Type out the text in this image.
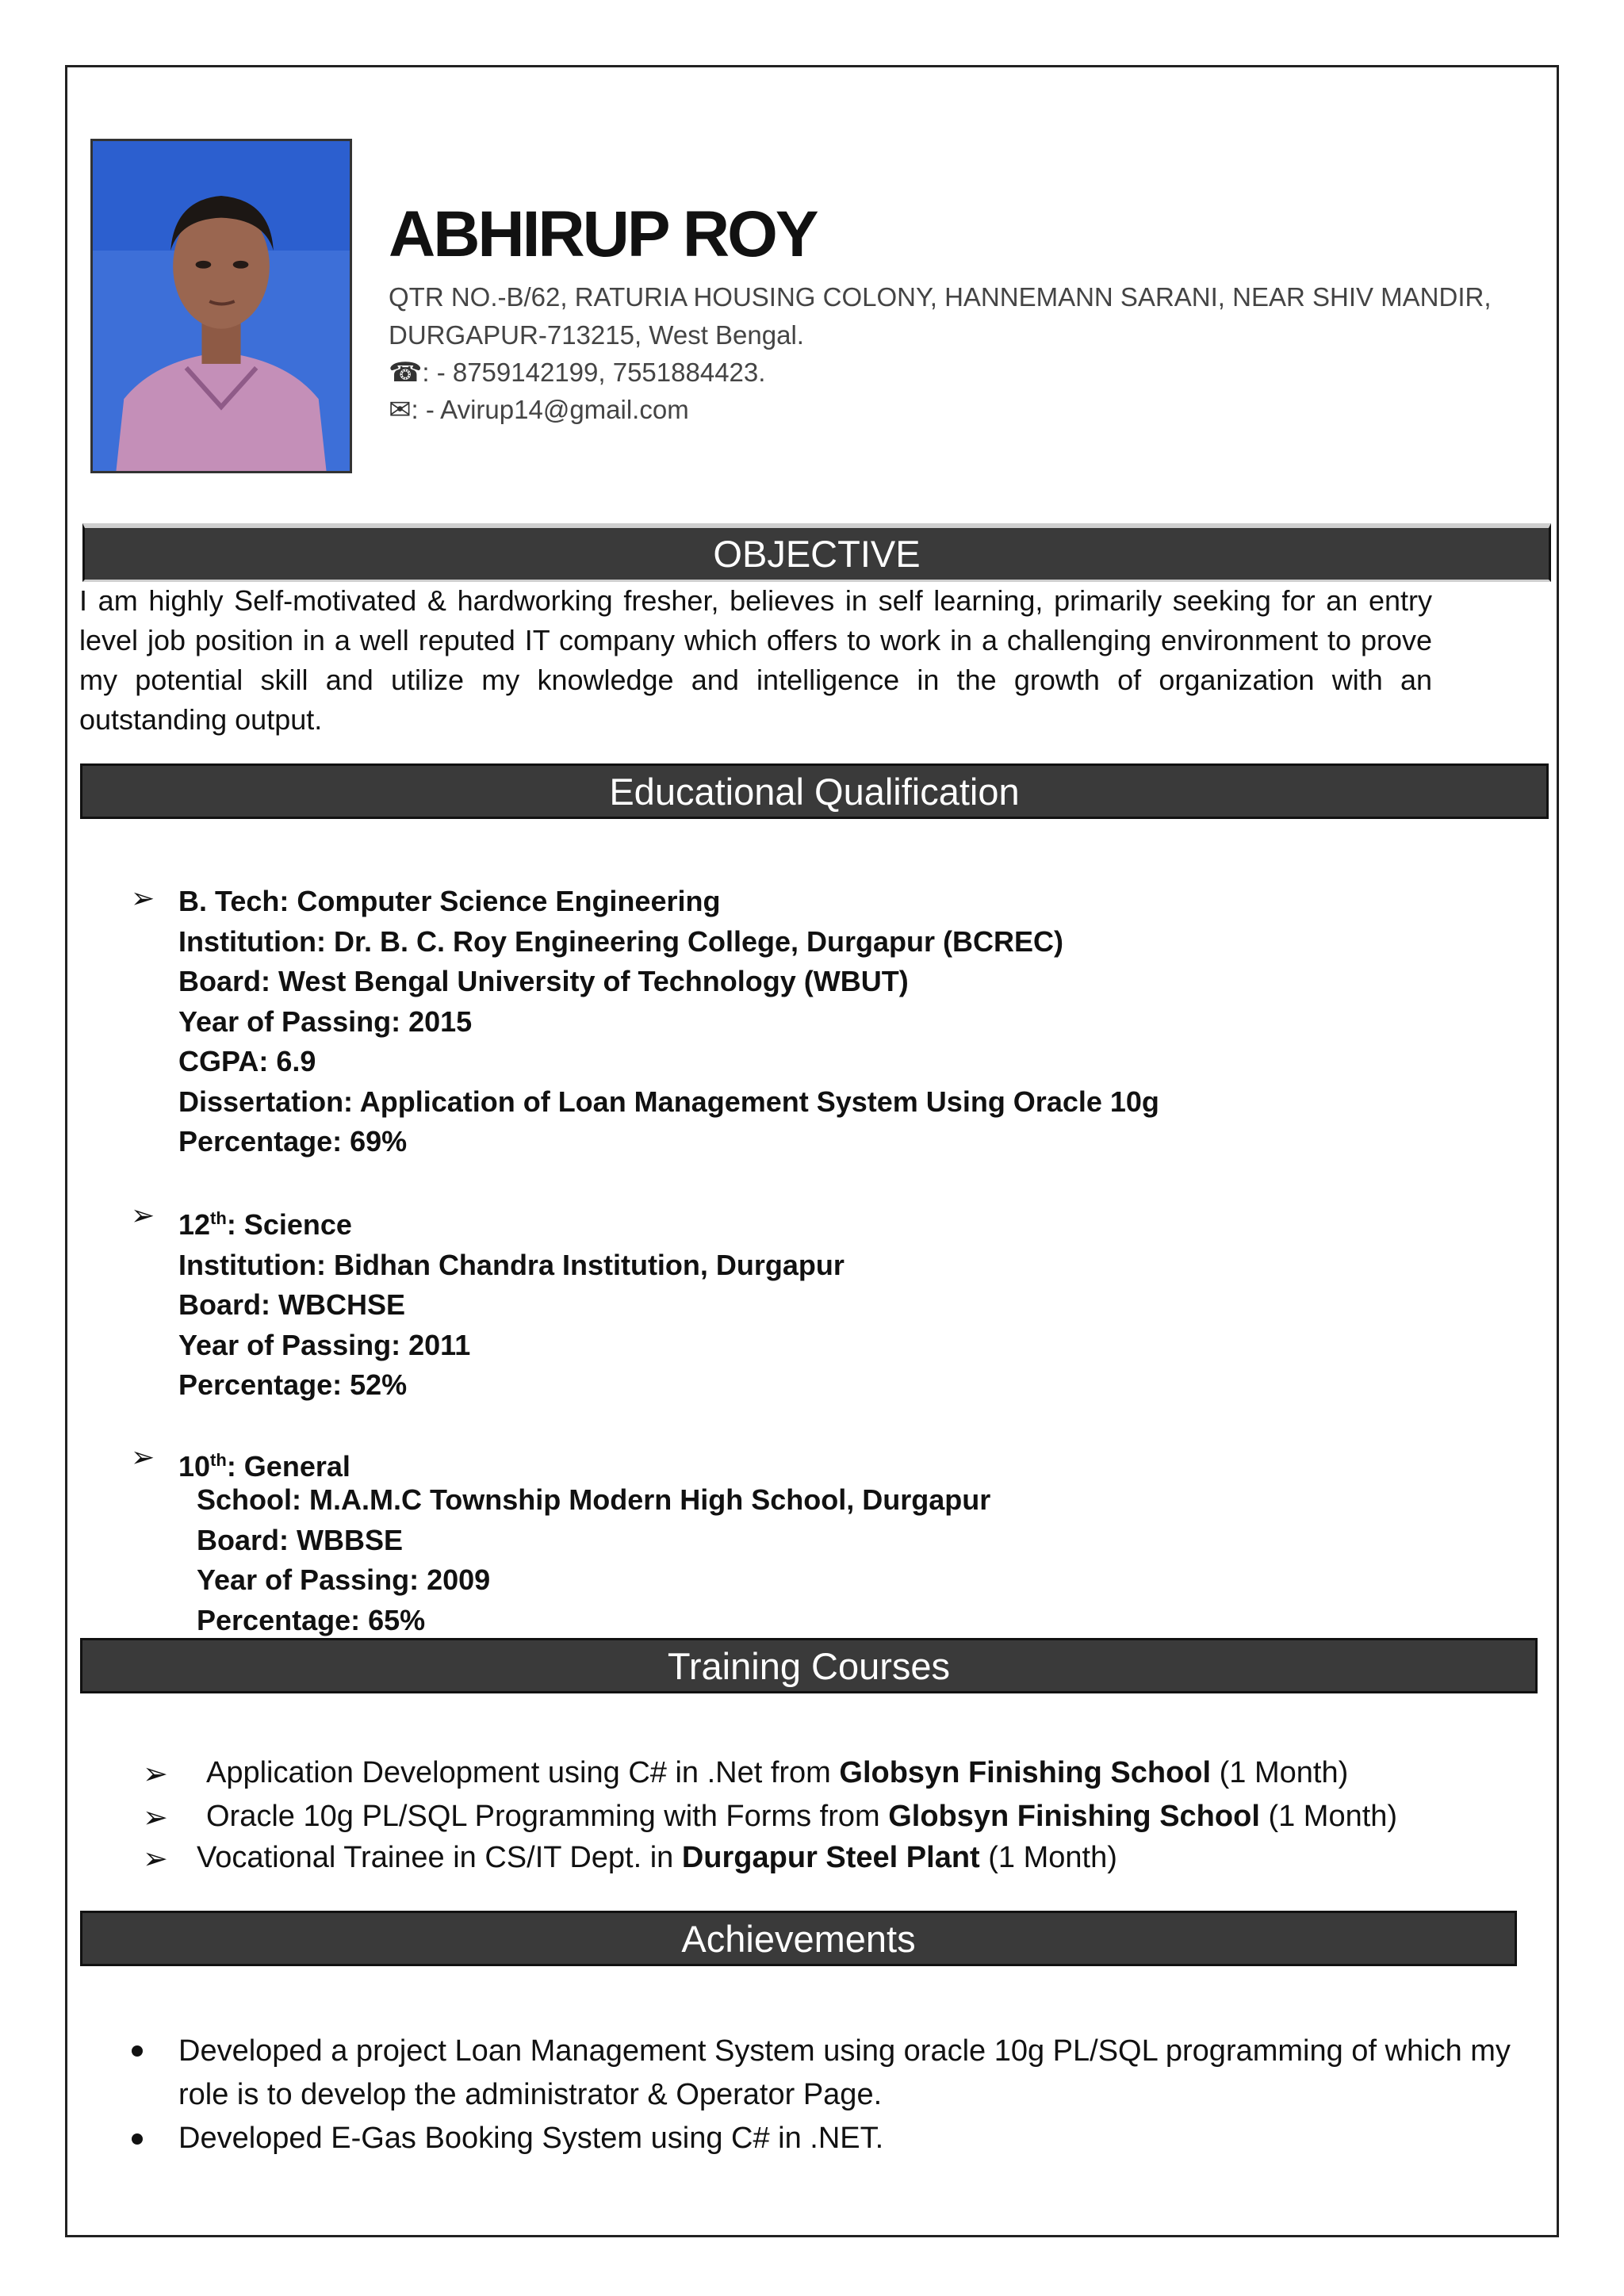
ABHIRUP ROY
QTR NO.-B/62, RATURIA HOUSING COLONY, HANNEMANN SARANI, NEAR SHIV MANDIR,
DURGAPUR-713215, West Bengal.
☎: - 8759142199, 7551884423.
✉: - Avirup14@gmail.com
OBJECTIVE
I am highly Self-motivated & hardworking fresher, believes in self learning, primarily seeking for an entry level job position in a well reputed IT company which offers to work in a challenging environment to prove my potential skill and utilize my knowledge and intelligence in the growth of organization with an outstanding output.
Educational Qualification
➢ B. Tech: Computer Science Engineering
Institution: Dr. B. C. Roy Engineering College, Durgapur (BCREC)
Board: West Bengal University of Technology (WBUT)
Year of Passing: 2015
CGPA: 6.9
Dissertation: Application of Loan Management System Using Oracle 10g
Percentage: 69%
➢ 12th: Science
Institution: Bidhan Chandra Institution, Durgapur
Board: WBCHSE
Year of Passing: 2011
Percentage: 52%
➢ 10th: General
School: M.A.M.C Township Modern High School, Durgapur
Board: WBBSE
Year of Passing: 2009
Percentage: 65%
Training Courses
➢ Application Development using C# in .Net from Globsyn Finishing School (1 Month)
➢ Oracle 10g PL/SQL Programming with Forms from Globsyn Finishing School (1 Month)
➢ Vocational Trainee in CS/IT Dept. in Durgapur Steel Plant (1 Month)
Achievements
Developed a project Loan Management System using oracle 10g PL/SQL programming of which my role is to develop the administrator & Operator Page.
Developed E-Gas Booking System using C# in .NET.
